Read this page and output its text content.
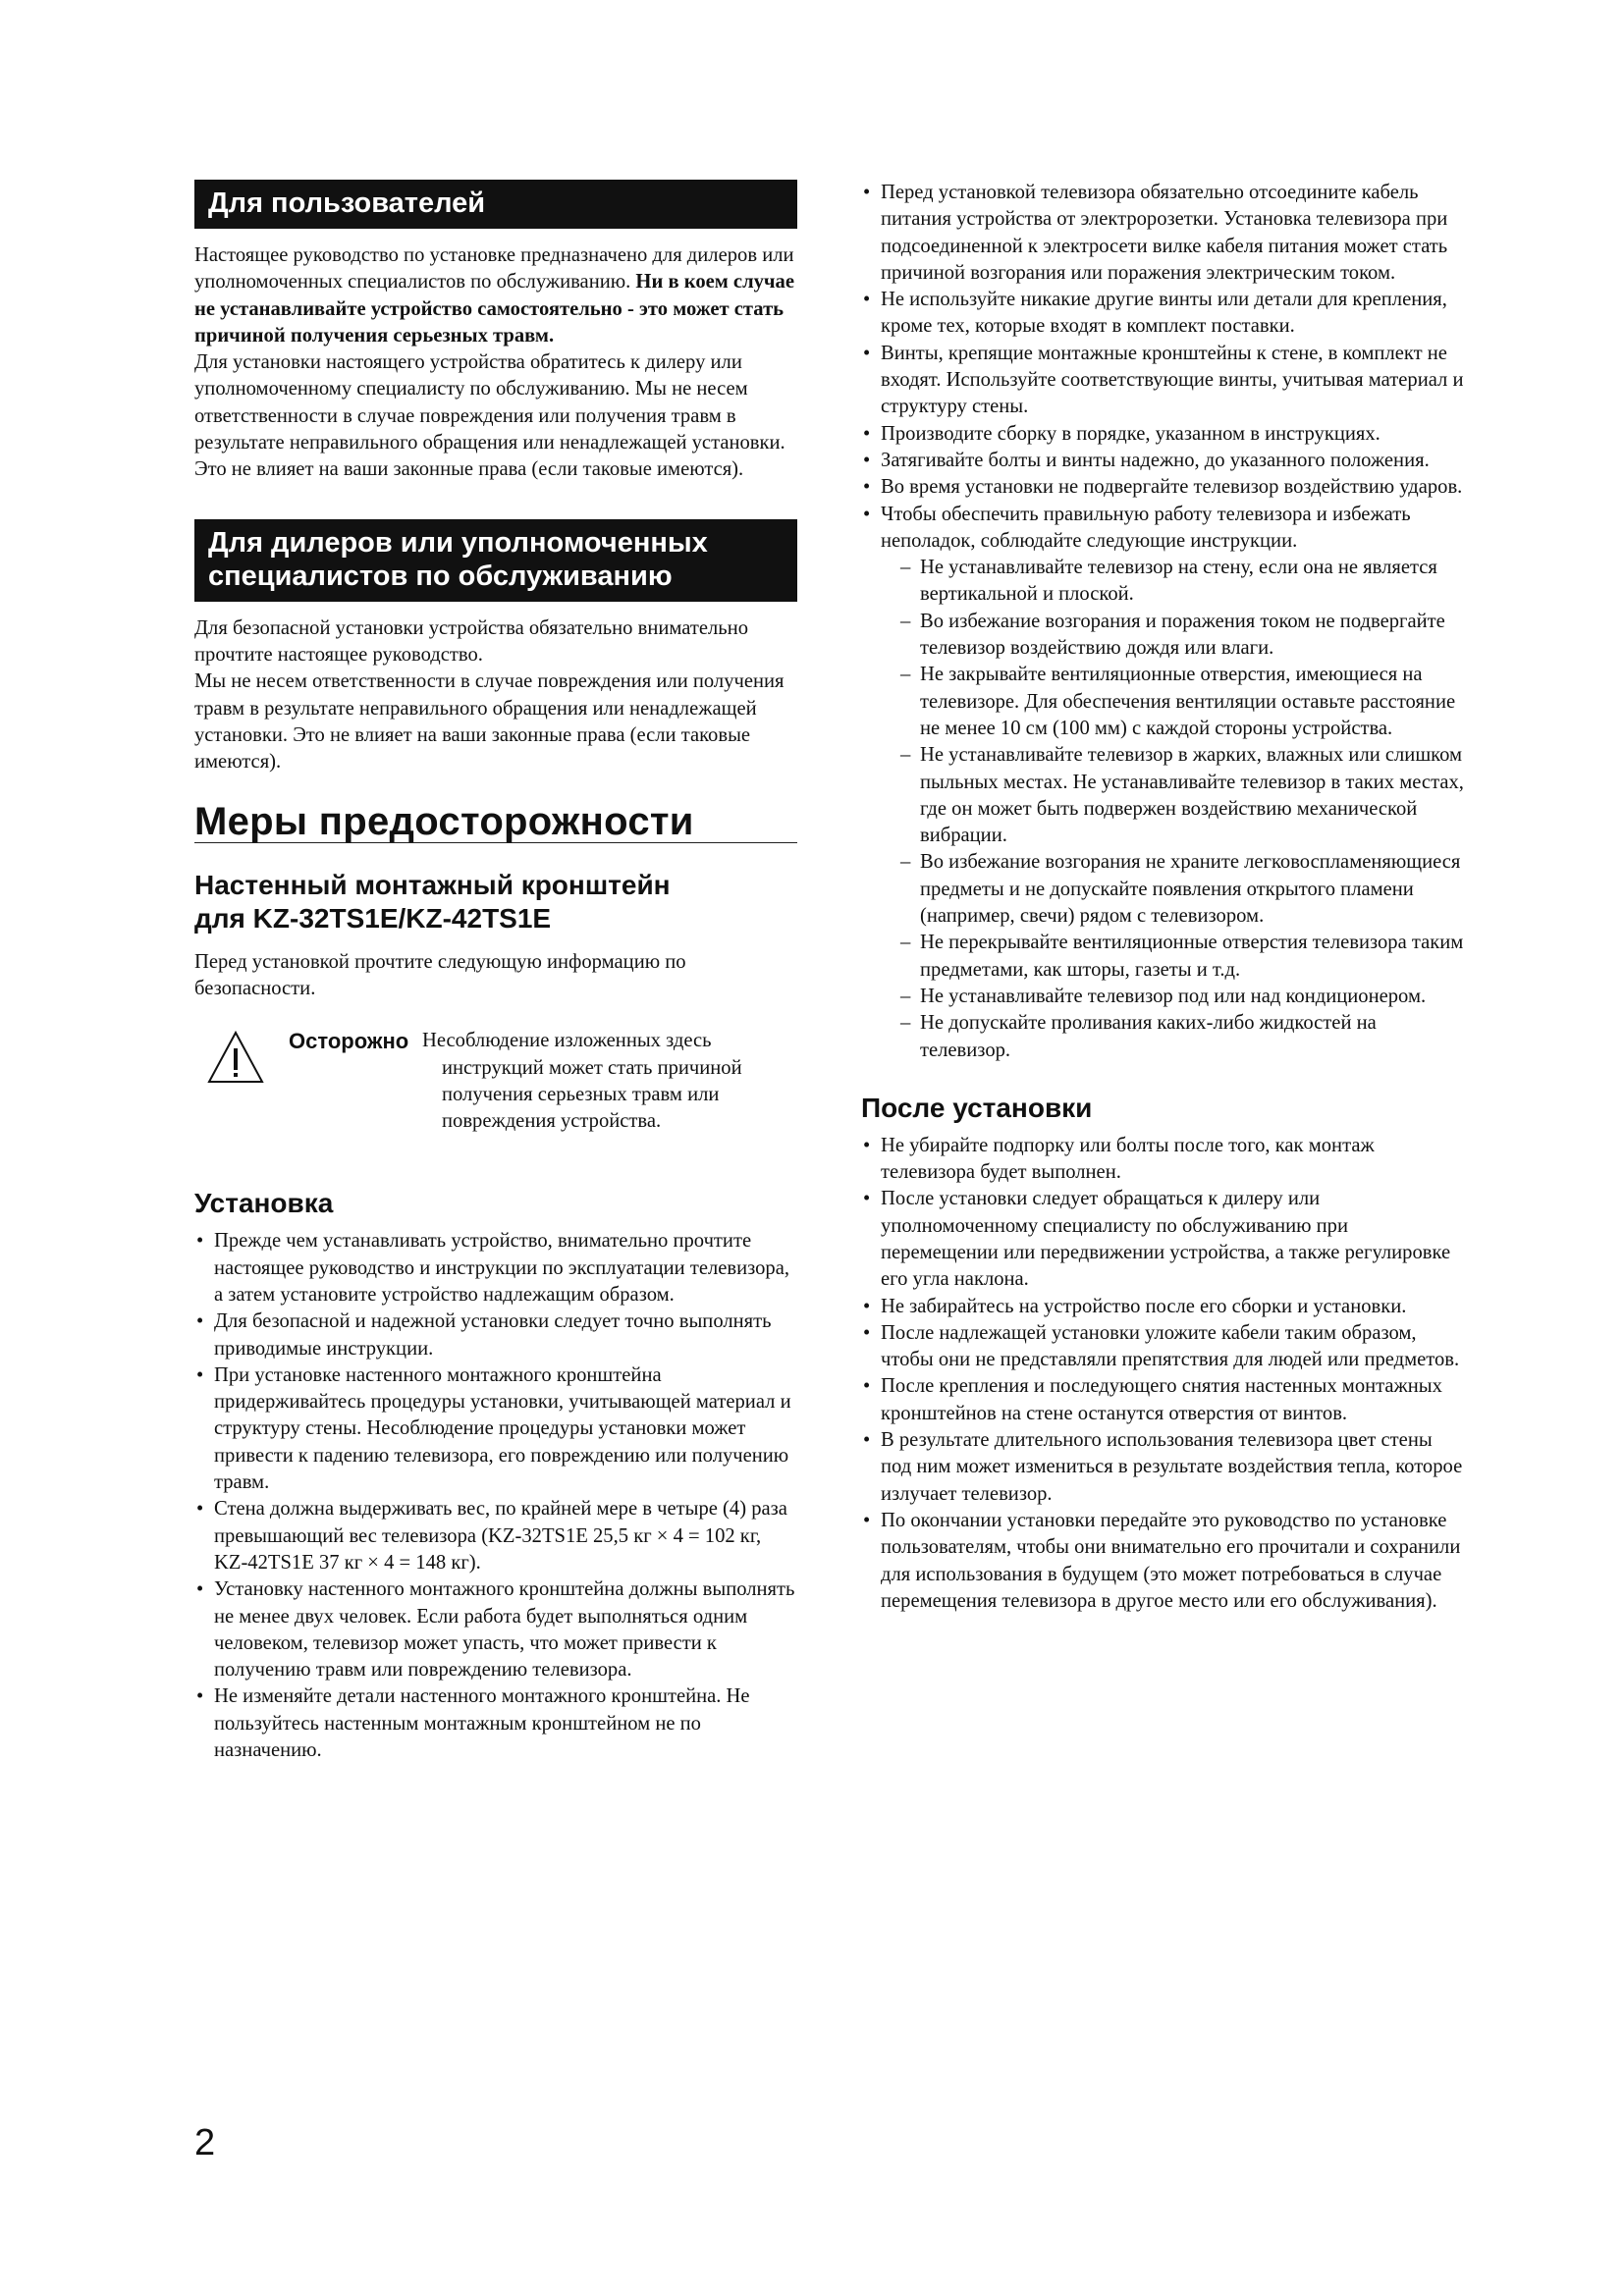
Для пользователей

Настоящее руководство по установке предназначено для дилеров или уполномоченных специалистов по обслуживанию. Ни в коем случае не устанавливайте устройство самостоятельно - это может стать причиной получения серьезных травм.

Для установки настоящего устройства обратитесь к дилеру или уполномоченному специалисту по обслуживанию. Мы не несем ответственности в случае повреждения или получения травм в результате неправильного обращения или ненадлежащей установки. Это не влияет на ваши законные права (если таковые имеются).

Для дилеров или уполномоченных
специалистов по обслуживанию

Для безопасной установки устройства обязательно внимательно прочтите настоящее руководство.

Мы не несем ответственности в случае повреждения или получения травм в результате неправильного обращения или ненадлежащей установки. Это не влияет на ваши законные права (если таковые имеются).

Меры предосторожности
Настенный монтажный кронштейн
для KZ-32TS1E/KZ-42TS1E

Перед установкой прочтите следующую информацию по безопасности.

Осторожно Несоблюдение изложенных здесь инструкций может стать причиной получения серьезных травм или повреждения устройства.
Установка
• Прежде чем устанавливать устройство, внимательно прочтите настоящее руководство и инструкции по эксплуатации телевизора, а затем установите устройство надлежащим образом.
• Для безопасной и надежной установки следует точно выполнять приводимые инструкции.
• При установке настенного монтажного кронштейна придерживайтесь процедуры установки, учитывающей материал и структуру стены. Несоблюдение процедуры установки может привести к падению телевизора, его повреждению или получению травм.
• Стена должна выдерживать вес, по крайней мере в четыре (4) раза превышающий вес телевизора (KZ-32TS1E 25,5 кг × 4 = 102 кг, KZ-42TS1E 37 кг × 4 = 148 кг).
• Установку настенного монтажного кронштейна должны выполнять не менее двух человек. Если работа будет выполняться одним человеком, телевизор может упасть, что может привести к получению травм или повреждению телевизора.
• Не изменяйте детали настенного монтажного кронштейна. Не пользуйтесь настенным монтажным кронштейном не по назначению.
• Перед установкой телевизора обязательно отсоедините кабель питания устройства от электророзетки. Установка телевизора при подсоединенной к электросети вилке кабеля питания может стать причиной возгорания или поражения электрическим током.
• Не используйте никакие другие винты или детали для крепления, кроме тех, которые входят в комплект поставки.
• Винты, крепящие монтажные кронштейны к стене, в комплект не входят. Используйте соответствующие винты, учитывая материал и структуру стены.
• Производите сборку в порядке, указанном в инструкциях.
• Затягивайте болты и винты надежно, до указанного положения.
• Во время установки не подвергайте телевизор воздействию ударов.
• Чтобы обеспечить правильную работу телевизора и избежать неполадок, соблюдайте следующие инструкции.
– Не устанавливайте телевизор на стену, если она не является вертикальной и плоской.
– Во избежание возгорания и поражения током не подвергайте телевизор воздействию дождя или влаги.
– Не закрывайте вентиляционные отверстия, имеющиеся на телевизоре. Для обеспечения вентиляции оставьте расстояние не менее 10 см (100 мм) с каждой стороны устройства.
– Не устанавливайте телевизор в жарких, влажных или слишком пыльных местах. Не устанавливайте телевизор в таких местах, где он может быть подвержен воздействию механической вибрации.
– Во избежание возгорания не храните легковоспламеняющиеся предметы и не допускайте появления открытого пламени (например, свечи) рядом с телевизором.
– Не перекрывайте вентиляционные отверстия телевизора таким предметами, как шторы, газеты и т.д.
– Не устанавливайте телевизор под или над кондиционером.
– Не допускайте проливания каких-либо жидкостей на телевизор.
После установки
• Не убирайте подпорку или болты после того, как монтаж телевизора будет выполнен.
• После установки следует обращаться к дилеру или уполномоченному специалисту по обслуживанию при перемещении или передвижении устройства, а также регулировке его угла наклона.
• Не забирайтесь на устройство после его сборки и установки.
• После надлежащей установки уложите кабели таким образом, чтобы они не представляли препятствия для людей или предметов.
• После крепления и последующего снятия настенных монтажных кронштейнов на стене останутся отверстия от винтов.
• В результате длительного использования телевизора цвет стены под ним может измениться в результате воздействия тепла, которое излучает телевизор.
• По окончании установки передайте это руководство по установке пользователям, чтобы они внимательно его прочитали и сохранили для использования в будущем (это может потребоваться в случае перемещения телевизора в другое место или его обслуживания).
2
